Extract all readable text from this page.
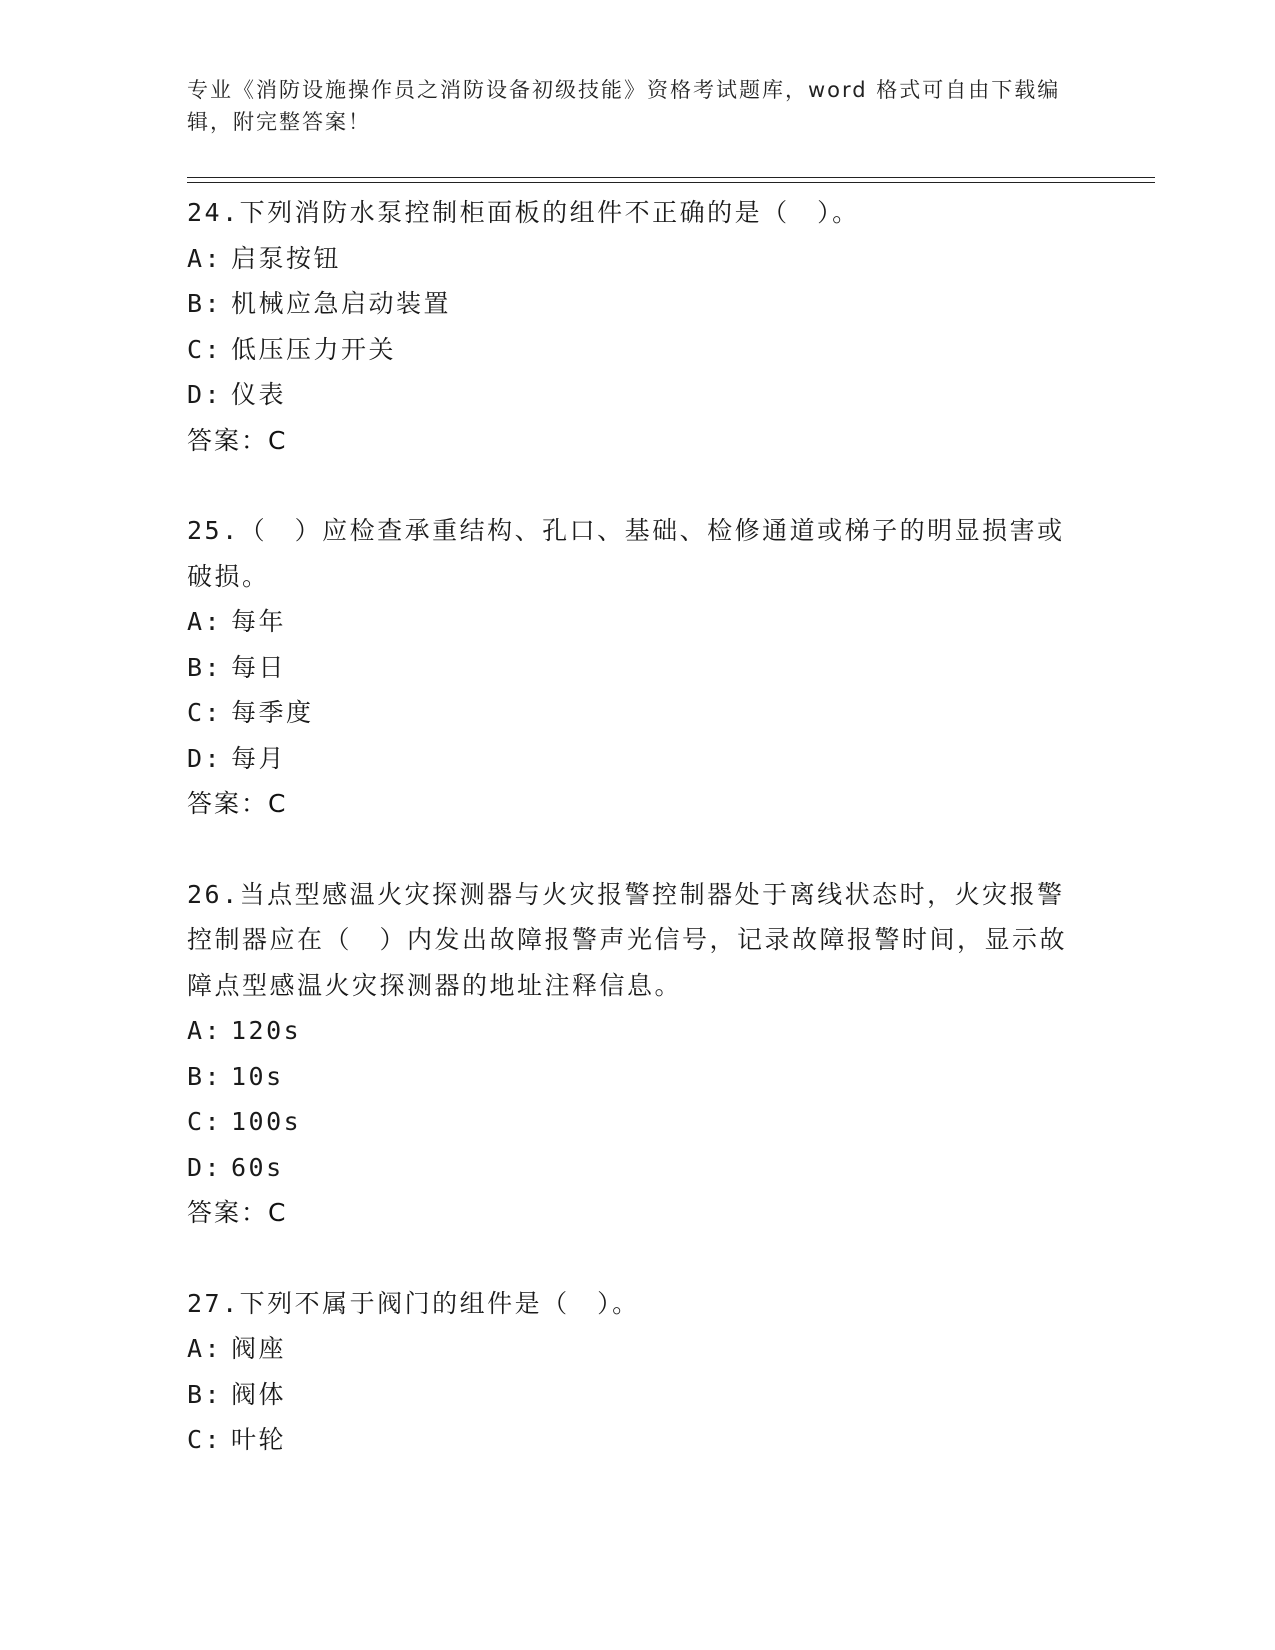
专业《消防设施操作员之消防设备初级技能》资格考试题库，word 格式可自由下载编辑，附完整答案！
24.下列消防水泵控制柜面板的组件不正确的是（　）。
A: 启泵按钮
B: 机械应急启动装置
C: 低压压力开关
D: 仪表
答案：C
25.（　）应检查承重结构、孔口、基础、检修通道或梯子的明显损害或破损。
A: 每年
B: 每日
C: 每季度
D: 每月
答案：C
26.当点型感温火灾探测器与火灾报警控制器处于离线状态时，火灾报警控制器应在（　）内发出故障报警声光信号，记录故障报警时间，显示故障点型感温火灾探测器的地址注释信息。
A: 120s
B: 10s
C: 100s
D: 60s
答案：C
27.下列不属于阀门的组件是（　）。
A: 阀座
B: 阀体
C: 叶轮
